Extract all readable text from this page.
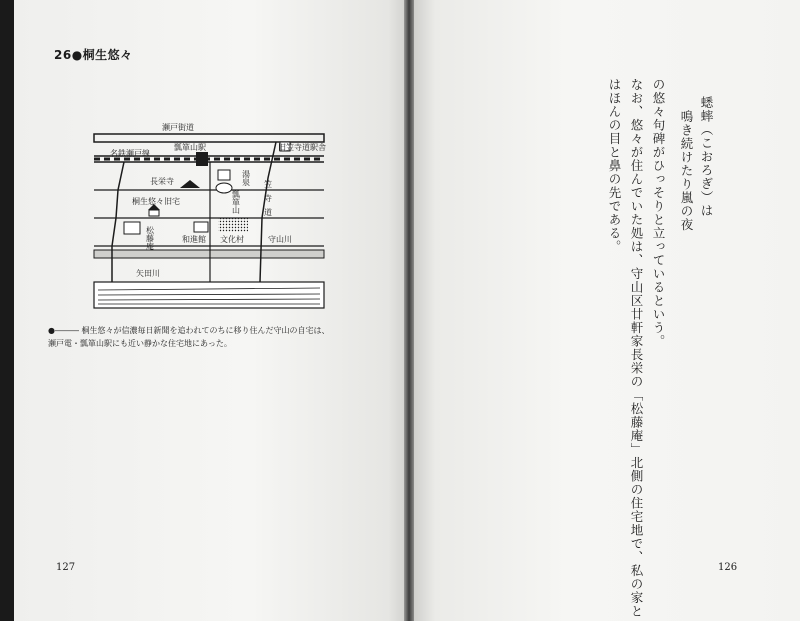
26●桐生悠々
瀬戸街道
名鉄瀬戸線
瓢箪山駅	旧笠寺道駅舎
長栄寺
瓢箪山
湯泉
笠寺道
桐生悠々旧宅
松藤庵	和進館 文化村	守山川
矢田川
●――― 桐生悠々が信濃毎日新聞を追われてのちに移り住んだ守山の自宅は、
瀬戸電・瓢箪山駅にも近い静かな住宅地にあった。
127
蟋蟀（こおろぎ）は
鳴き続けたり嵐の夜
の悠々句碑がひっそりと立っているという。
なお、悠々が住んでいた処は、守山区廿軒家長栄の「松藤庵」北側の住宅地で、私の家と
はほんの目と鼻の先である。
126
